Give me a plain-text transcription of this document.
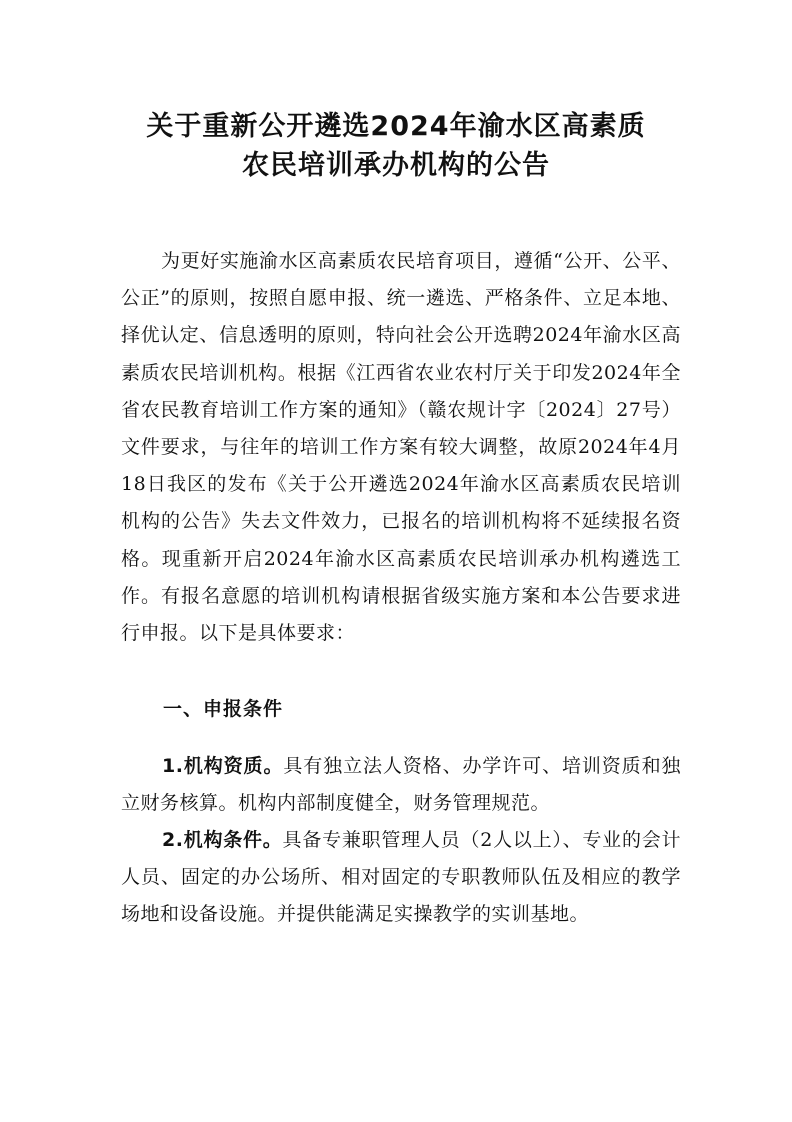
关于重新公开遴选2024年渝水区高素质
农民培训承办机构的公告

为更好实施渝水区高素质农民培育项目，遵循“公开、公平、公正”的原则，按照自愿申报、统一遴选、严格条件、立足本地、择优认定、信息透明的原则，特向社会公开选聘2024年渝水区高素质农民培训机构。根据《江西省农业农村厅关于印发2024年全省农民教育培训工作方案的通知》（赣农规计字〔2024〕27号）文件要求，与往年的培训工作方案有较大调整，故原2024年4月18日我区的发布《关于公开遴选2024年渝水区高素质农民培训机构的公告》失去文件效力，已报名的培训机构将不延续报名资格。现重新开启2024年渝水区高素质农民培训承办机构遴选工作。有报名意愿的培训机构请根据省级实施方案和本公告要求进行申报。以下是具体要求：

一、申报条件

1.机构资质。具有独立法人资格、办学许可、培训资质和独立财务核算。机构内部制度健全，财务管理规范。

2.机构条件。具备专兼职管理人员（2人以上）、专业的会计人员、固定的办公场所、相对固定的专职教师队伍及相应的教学场地和设备设施。并提供能满足实操教学的实训基地。
